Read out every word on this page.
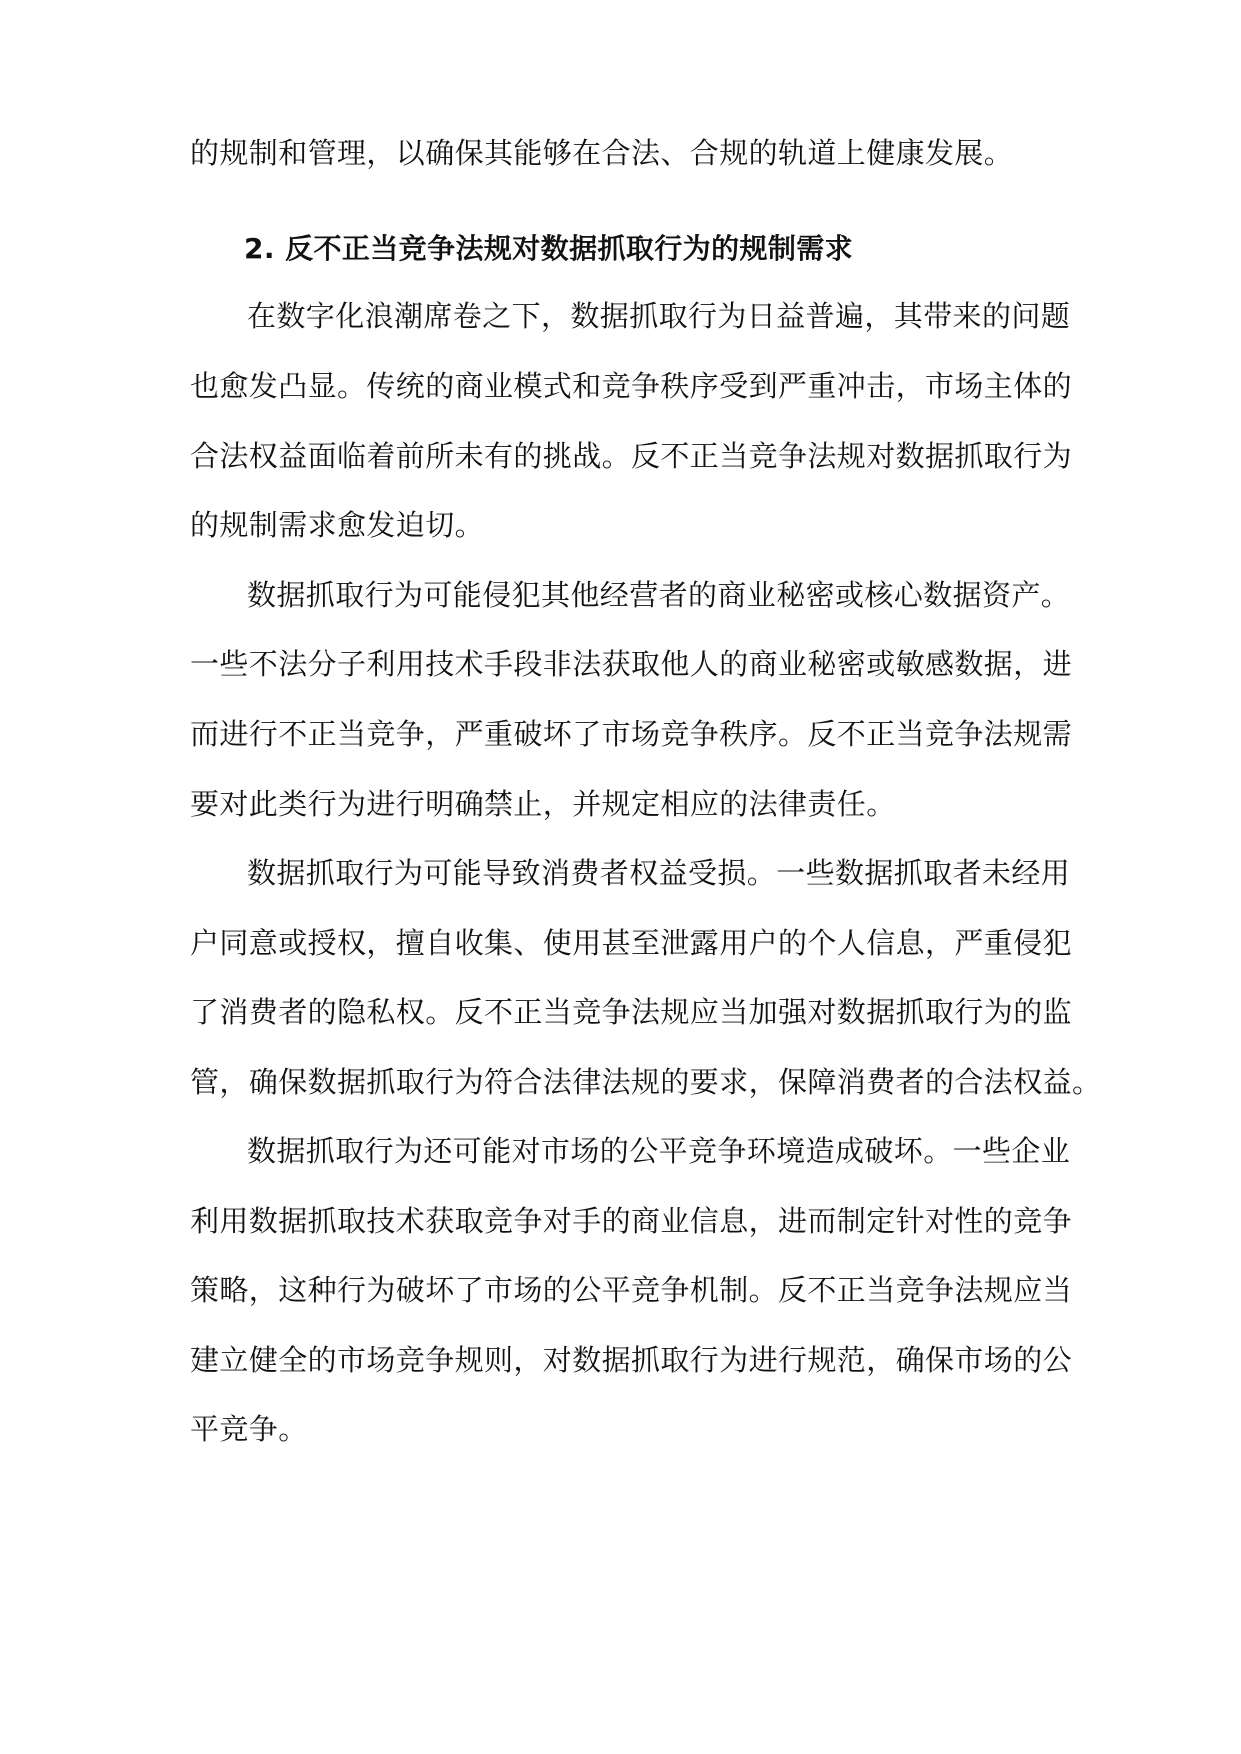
的规制和管理，以确保其能够在合法、合规的轨道上健康发展。

2. 反不正当竞争法规对数据抓取行为的规制需求

在数字化浪潮席卷之下，数据抓取行为日益普遍，其带来的问题

也愈发凸显。传统的商业模式和竞争秩序受到严重冲击，市场主体的

合法权益面临着前所未有的挑战。反不正当竞争法规对数据抓取行为

的规制需求愈发迫切。

数据抓取行为可能侵犯其他经营者的商业秘密或核心数据资产。

一些不法分子利用技术手段非法获取他人的商业秘密或敏感数据，进

而进行不正当竞争，严重破坏了市场竞争秩序。反不正当竞争法规需

要对此类行为进行明确禁止，并规定相应的法律责任。

数据抓取行为可能导致消费者权益受损。一些数据抓取者未经用

户同意或授权，擅自收集、使用甚至泄露用户的个人信息，严重侵犯

了消费者的隐私权。反不正当竞争法规应当加强对数据抓取行为的监

管，确保数据抓取行为符合法律法规的要求，保障消费者的合法权益。

数据抓取行为还可能对市场的公平竞争环境造成破坏。一些企业

利用数据抓取技术获取竞争对手的商业信息，进而制定针对性的竞争

策略，这种行为破坏了市场的公平竞争机制。反不正当竞争法规应当

建立健全的市场竞争规则，对数据抓取行为进行规范，确保市场的公

平竞争。
